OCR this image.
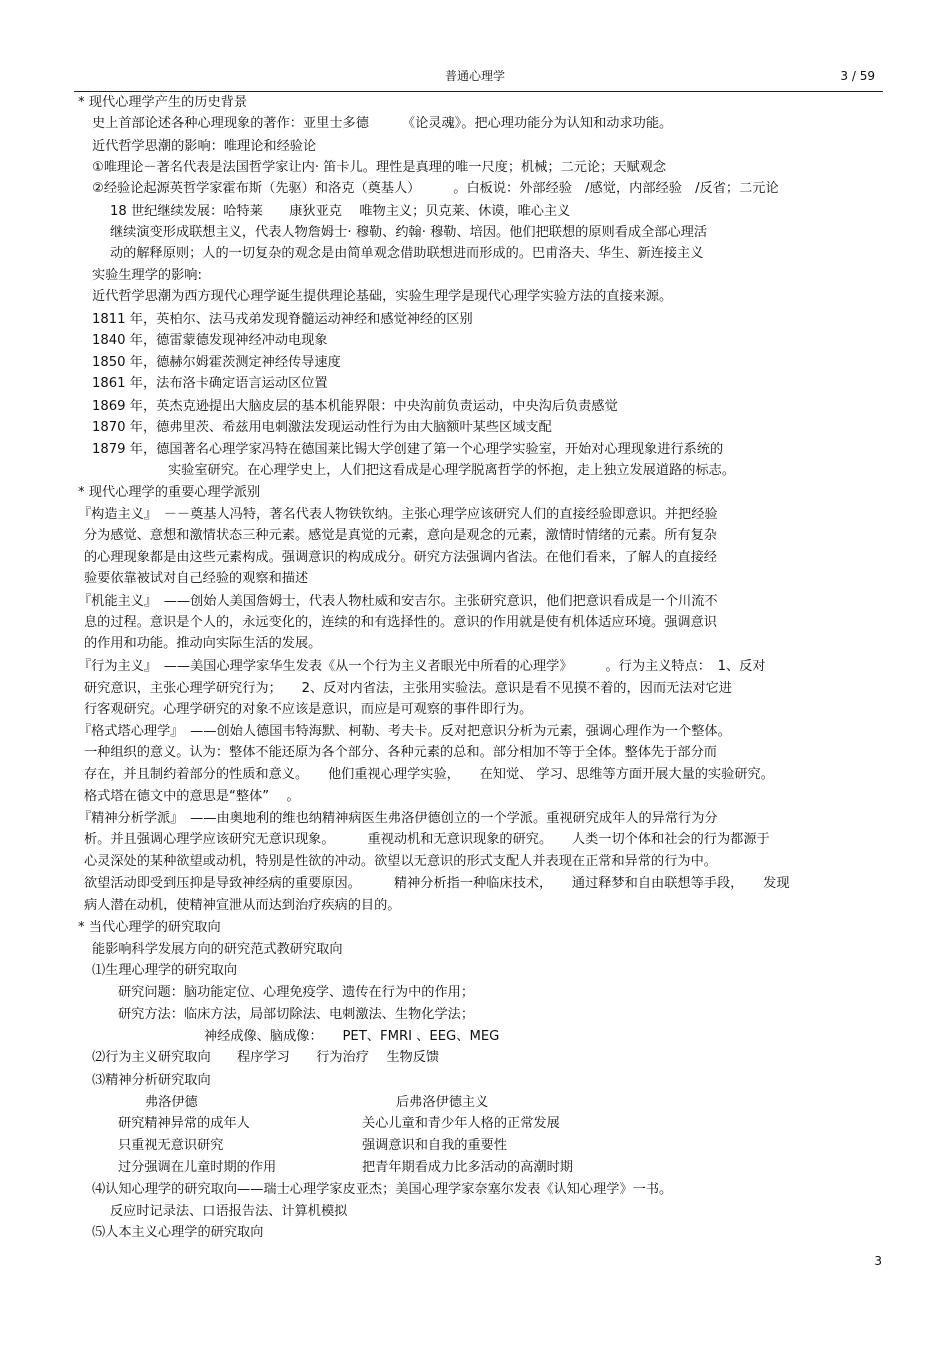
普通心理学	3 / 59
* 现代心理学产生的历史背景
史上首部论述各种心理现象的著作：亚里士多德　　　《论灵魂》。把心理功能分为认知和动求功能。
近代哲学思潮的影响：唯理论和经验论
①唯理论－著名代表是法国哲学家让内· 笛卡儿。理性是真理的唯一尺度；机械；二元论；天赋观念
②经验论起源英哲学家霍布斯（先驱）和洛克（奠基人）　　　。白板说：外部经验　/感觉，内部经验　/反省；二元论
18 世纪继续发展：哈特莱　　康狄亚克　 唯物主义；贝克莱、休谟，唯心主义
继续演变形成联想主义，代表人物詹姆士· 穆勒、约翰· 穆勒、培因。他们把联想的原则看成全部心理活
动的解释原则；人的一切复杂的观念是由简单观念借助联想进而形成的。巴甫洛夫、华生、新连接主义
实验生理学的影响:
近代哲学思潮为西方现代心理学诞生提供理论基础，实验生理学是现代心理学实验方法的直接来源。
1811 年，英柏尔、法马戎弟发现脊髓运动神经和感觉神经的区别
1840 年，德雷蒙德发现神经冲动电现象
1850 年，德赫尔姆霍茨测定神经传导速度
1861 年，法布洛卡确定语言运动区位置
1869 年，英杰克逊提出大脑皮层的基本机能界限：中央沟前负责运动，中央沟后负责感觉
1870 年，德弗里茨、希兹用电刺激法发现运动性行为由大脑额叶某些区域支配
1879 年，德国著名心理学家冯特在德国莱比锡大学创建了第一个心理学实验室，开始对心理现象进行系统的
实验室研究。在心理学史上，人们把这看成是心理学脱离哲学的怀抱，走上独立发展道路的标志。
* 现代心理学的重要心理学派别
『构造主义』　－－奠基人冯特，著名代表人物铁钦纳。主张心理学应该研究人们的直接经验即意识。并把经验
分为感觉、意想和激情状态三种元素。感觉是真觉的元素，意向是观念的元素，激情时情绪的元素。所有复杂
的心理现象都是由这些元素构成。强调意识的构成成分。研究方法强调内省法。在他们看来，了解人的直接经
验要依靠被试对自己经验的观察和描述
『机能主义』　——创始人美国詹姆士，代表人物杜威和安吉尔。主张研究意识，他们把意识看成是一个川流不
息的过程。意识是个人的，永远变化的，连续的和有选择性的。意识的作用就是使有机体适应环境。强调意识
的作用和功能。推动向实际生活的发展。
『行为主义』　——美国心理学家华生发表《从一个行为主义者眼光中所看的心理学》　　　。行为主义特点：　1、反对
研究意识，主张心理学研究行为；　　2、反对内省法，主张用实验法。意识是看不见摸不着的，因而无法对它进
行客观研究。心理学研究的对象不应该是意识，而应是可观察的事件即行为。
『格式塔心理学』　——创始人德国韦特海默、柯勒、考夫卡。反对把意识分析为元素，强调心理作为一个整体。
一种组织的意义。认为：整体不能还原为各个部分、各种元素的总和。部分相加不等于全体。整体先于部分而
存在，并且制约着部分的性质和意义。　　他们重视心理学实验，　　在知觉、 学习、思维等方面开展大量的实验研究。
格式塔在德文中的意思是“整体”　 。
『精神分析学派』　——由奥地利的维也纳精神病医生弗洛伊德创立的一个学派。重视研究成年人的异常行为分
析。并且强调心理学应该研究无意识现象。　　　重视动机和无意识现象的研究。　　人类一切个体和社会的行为都源于
心灵深处的某种欲望或动机，特别是性欲的冲动。欲望以无意识的形式支配人并表现在正常和异常的行为中。
欲望活动即受到压抑是导致神经病的重要原因。　　　精神分析指一种临床技术，　　通过释梦和自由联想等手段，　　发现
病人潜在动机，使精神宣泄从而达到治疗疾病的目的。
* 当代心理学的研究取向
能影响科学发展方向的研究范式教研究取向
⑴生理心理学的研究取向
研究问题：脑功能定位、心理免疫学、遗传在行为中的作用；
研究方法：临床方法，局部切除法、电刺激法、生物化学法；
神经成像、脑成像：　　PET、FMRI 、EEG、MEG
⑵行为主义研究取向　　程序学习　　行为治疗　 生物反馈
⑶精神分析研究取向
弗洛伊德	后弗洛伊德主义
研究精神异常的成年人	关心儿童和青少年人格的正常发展
只重视无意识研究	强调意识和自我的重要性
过分强调在儿童时期的作用	把青年期看成力比多活动的高潮时期
⑷认知心理学的研究取向——瑞士心理学家皮亚杰；美国心理学家奈塞尔发表《认知心理学》一书。
反应时记录法、口语报告法、计算机模拟
⑸人本主义心理学的研究取向
3
